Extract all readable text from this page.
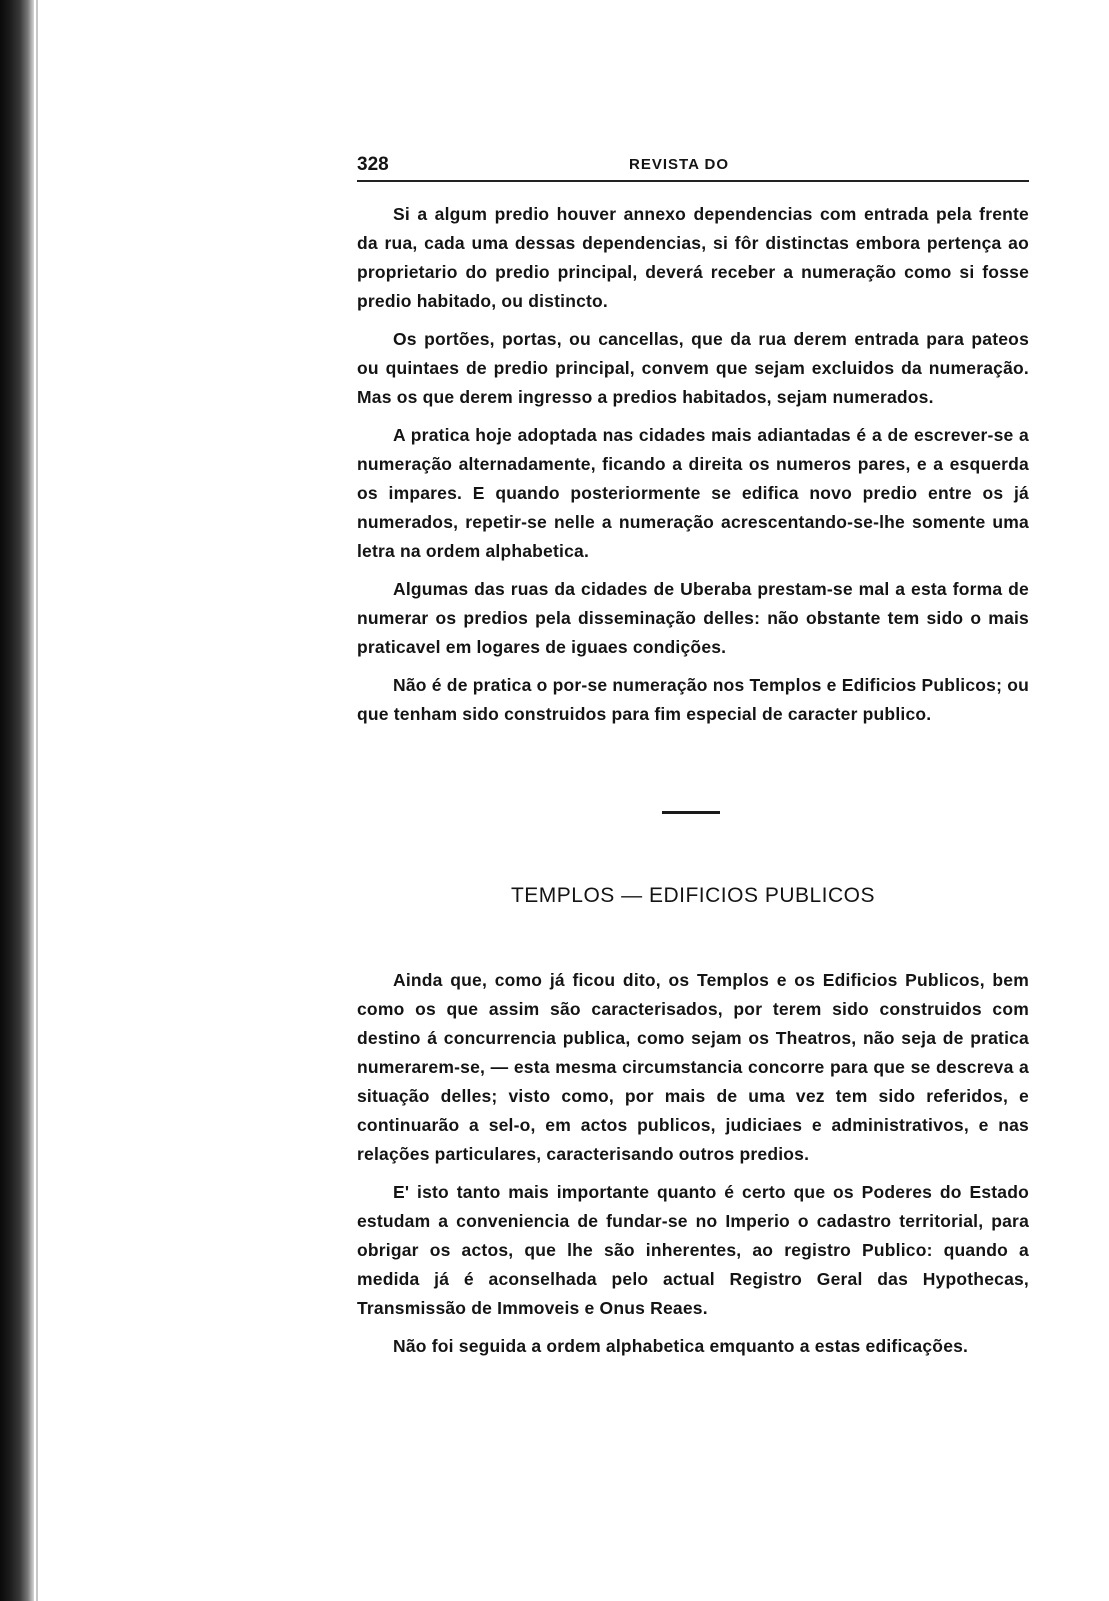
328	REVISTA DO

Si a algum predio houver annexo dependencias com entrada pela frente da rua, cada uma dessas dependencias, si fôr distinctas embora pertença ao proprietario do predio principal, deverá receber a numeração como si fosse predio habitado, ou distincto.

Os portões, portas, ou cancellas, que da rua derem entrada para pateos ou quintaes de predio principal, convem que sejam excluidos da numeração. Mas os que derem ingresso a predios habitados, sejam numerados.

A pratica hoje adoptada nas cidades mais adiantadas é a de escrever-se a numeração alternadamente, ficando a direita os numeros pares, e a esquerda os impares. E quando posteriormente se edifica novo predio entre os já numerados, repetir-se nelle a numeração acrescentando-se-lhe somente uma letra na ordem alphabetica.

Algumas das ruas da cidades de Uberaba prestam-se mal a esta forma de numerar os predios pela disseminação delles: não obstante tem sido o mais praticavel em logares de iguaes condições.

Não é de pratica o por-se numeração nos Templos e Edificios Publicos; ou que tenham sido construidos para fim especial de caracter publico.

TEMPLOS — EDIFICIOS PUBLICOS

Ainda que, como já ficou dito, os Templos e os Edificios Publicos, bem como os que assim são caracterisados, por terem sido construidos com destino á concurrencia publica, como sejam os Theatros, não seja de pratica numerarem-se, — esta mesma circumstancia concorre para que se descreva a situação delles; visto como, por mais de uma vez tem sido referidos, e continuarão a sel-o, em actos publicos, judiciaes e administrativos, e nas relações particulares, caracterisando outros predios.

E' isto tanto mais importante quanto é certo que os Poderes do Estado estudam a conveniencia de fundar-se no Imperio o cadastro territorial, para obrigar os actos, que lhe são inherentes, ao registro Publico: quando a medida já é aconselhada pelo actual Registro Geral das Hypothecas, Transmissão de Immoveis e Onus Reaes.

Não foi seguida a ordem alphabetica emquanto a estas edificações.
